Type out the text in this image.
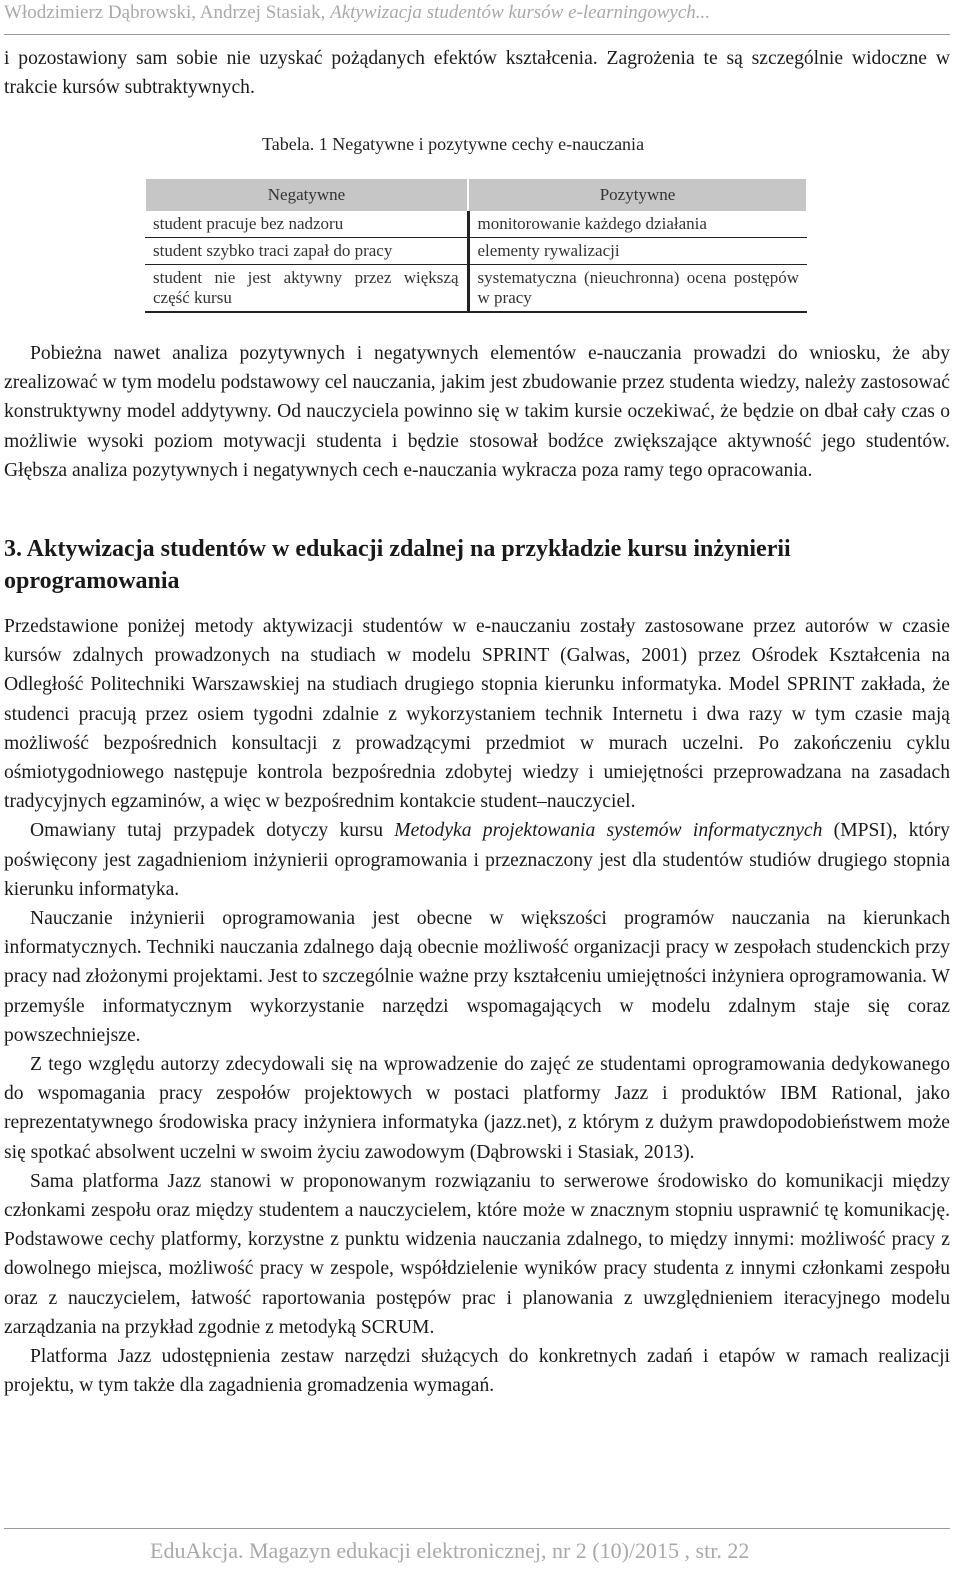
Włodzimierz Dąbrowski, Andrzej Stasiak, Aktywizacja studentów kursów e-learningowych...

i pozostawiony sam sobie nie uzyskać pożądanych efektów kształcenia. Zagrożenia te są szczególnie widoczne w trakcie kursów subtraktywnych.

Tabela. 1 Negatywne i pozytywne cechy e-nauczania
Negatywne	Pozytywne
student pracuje bez nadzoru	monitorowanie każdego działania
student szybko traci zapał do pracy	elementy rywalizacji
student nie jest aktywny przez większą część kursu	systematyczna (nieuchronna) ocena postępów w pracy

Pobieżna nawet analiza pozytywnych i negatywnych elementów e-nauczania prowadzi do wniosku, że aby zrealizować w tym modelu podstawowy cel nauczania, jakim jest zbudowanie przez studenta wiedzy, należy zastosować konstruktywny model addytywny. Od nauczyciela powinno się w takim kursie oczekiwać, że będzie on dbał cały czas o możliwie wysoki poziom motywacji studenta i będzie stosował bodźce zwiększające aktywność jego studentów. Głębsza analiza pozytywnych i negatywnych cech e-nauczania wykracza poza ramy tego opracowania.

3. Aktywizacja studentów w edukacji zdalnej na przykładzie kursu inżynierii oprogramowania

Przedstawione poniżej metody aktywizacji studentów w e-nauczaniu zostały zastosowane przez autorów w czasie kursów zdalnych prowadzonych na studiach w modelu SPRINT (Galwas, 2001) przez Ośrodek Kształcenia na Odległość Politechniki Warszawskiej na studiach drugiego stopnia kierunku informatyka. Model SPRINT zakłada, że studenci pracują przez osiem tygodni zdalnie z wykorzystaniem technik Internetu i dwa razy w tym czasie mają możliwość bezpośrednich konsultacji z prowadzącymi przedmiot w murach uczelni. Po zakończeniu cyklu ośmiotygodniowego następuje kontrola bezpośrednia zdobytej wiedzy i umiejętności przeprowadzana na zasadach tradycyjnych egzaminów, a więc w bezpośrednim kontakcie student–nauczyciel.

Omawiany tutaj przypadek dotyczy kursu Metodyka projektowania systemów informatycznych (MPSI), który poświęcony jest zagadnieniom inżynierii oprogramowania i przeznaczony jest dla studentów studiów drugiego stopnia kierunku informatyka.

Nauczanie inżynierii oprogramowania jest obecne w większości programów nauczania na kierunkach informatycznych. Techniki nauczania zdalnego dają obecnie możliwość organizacji pracy w zespołach studenckich przy pracy nad złożonymi projektami. Jest to szczególnie ważne przy kształceniu umiejętności inżyniera oprogramowania. W przemyśle informatycznym wykorzystanie narzędzi wspomagających w modelu zdalnym staje się coraz powszechniejsze.

Z tego względu autorzy zdecydowali się na wprowadzenie do zajęć ze studentami oprogramowania dedykowanego do wspomagania pracy zespołów projektowych w postaci platformy Jazz i produktów IBM Rational, jako reprezentatywnego środowiska pracy inżyniera informatyka (jazz.net), z którym z dużym prawdopodobieństwem może się spotkać absolwent uczelni w swoim życiu zawodowym (Dąbrowski i Stasiak, 2013).

Sama platforma Jazz stanowi w proponowanym rozwiązaniu to serwerowe środowisko do komunikacji między członkami zespołu oraz między studentem a nauczycielem, które może w znacznym stopniu usprawnić tę komunikację. Podstawowe cechy platformy, korzystne z punktu widzenia nauczania zdalnego, to między innymi: możliwość pracy z dowolnego miejsca, możliwość pracy w zespole, współdzielenie wyników pracy studenta z innymi członkami zespołu oraz z nauczycielem, łatwość raportowania postępów prac i planowania z uwzględnieniem iteracyjnego modelu zarządzania na przykład zgodnie z metodyką SCRUM.

Platforma Jazz udostępnienia zestaw narzędzi służących do konkretnych zadań i etapów w ramach realizacji projektu, w tym także dla zagadnienia gromadzenia wymagań.

EduAkcja. Magazyn edukacji elektronicznej, nr 2 (10)/2015 , str. 22
